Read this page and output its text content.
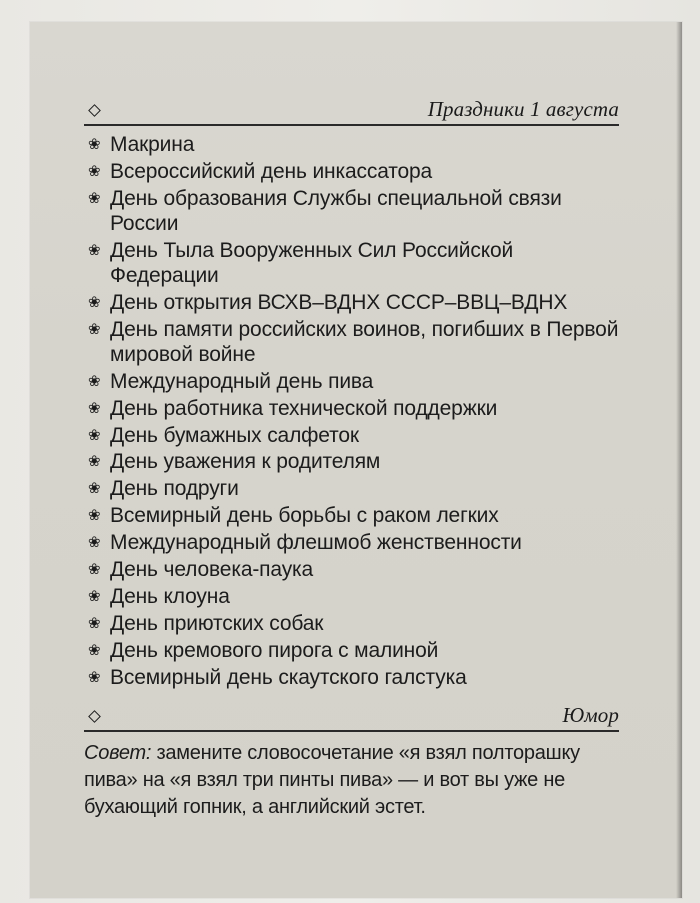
Праздники 1 августа
❀ Макрина
❀ Всероссийский день инкассатора
❀ День образования Службы специальной связи России
❀ День Тыла Вооруженных Сил Российской Федерации
❀ День открытия ВСХВ–ВДНХ СССР–ВВЦ–ВДНХ
❀ День памяти российских воинов, погибших в Первой мировой войне
❀ Международный день пива
❀ День работника технической поддержки
❀ День бумажных салфеток
❀ День уважения к родителям
❀ День подруги
❀ Всемирный день борьбы с раком легких
❀ Международный флешмоб женственности
❀ День человека-паука
❀ День клоуна
❀ День приютских собак
❀ День кремового пирога с малиной
❀ Всемирный день скаутского галстука
Юмор

Совет: замените словосочетание «я взял полторашку пива» на «я взял три пинты пива» — и вот вы уже не бухающий гопник, а английский эстет.
